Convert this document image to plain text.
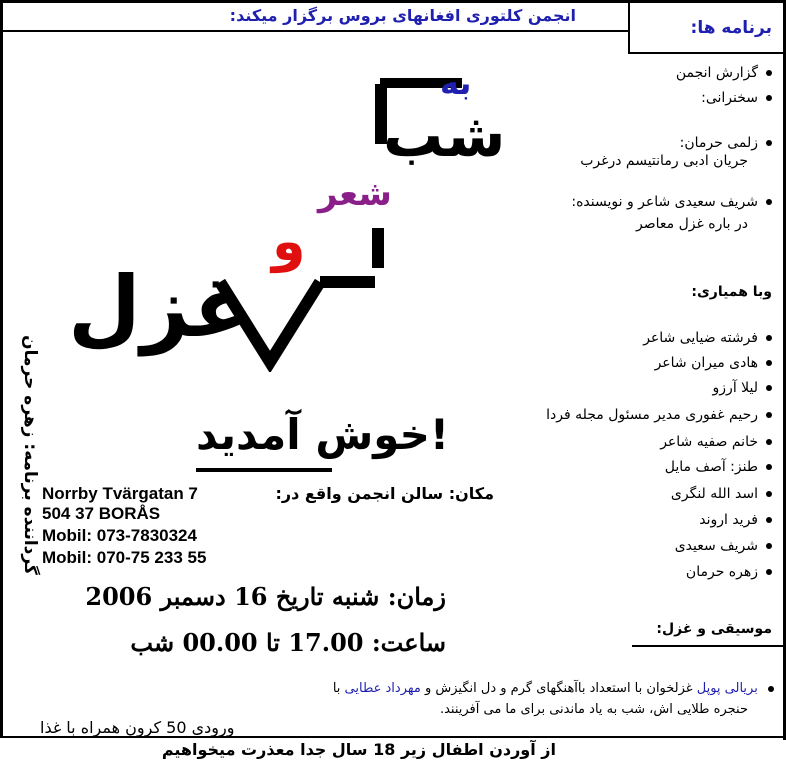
انجمن کلتوری افغانهای بروس برگزار میکند:
برنامه ها:
گزارش انجمن
سخنرانی:
زلمی حرمان:
جریان ادبی رمانتیسم درغرب
شریف سعیدی شاعر و نویسنده:
در باره غزل معاصر
وبا همیاری:
فرشته ضیایی شاعر
هادی میران شاعر
لیلا آرزو
رحیم غفوری مدیر مسئول مجله فردا
خانم صفیه شاعر
طنز: آصف مایل
اسد الله لنگری
فرید اروند
شریف سعیدی
زهره حرمان
موسیقی و غزل:
بریالی پوپل غزلخوان با استعداد باآهنگهای گرم و دل انگیزش و مهرداد عطایی با
حنجره طلایی اش، شب به یاد ماندنی برای ما می آفرینند.
به
شب
شعر
و
غزل
خوش آمدید!
گرداننده برنامه: زهره حرمان	مکان: سالن انجمن واقع در:
Norrby Tvärgatan 7
504 37 BORÅS
Mobil: 073-7830324
Mobil: 070-75 233 55
زمان: شنبه تاریخ 16 دسمبر 2006
ساعت: 17.00 تا 00.00 شب
ورودی 50 کرون همراه با غذا
از آوردن اطفال زیر 18 سال جدا معذرت میخواهیم
